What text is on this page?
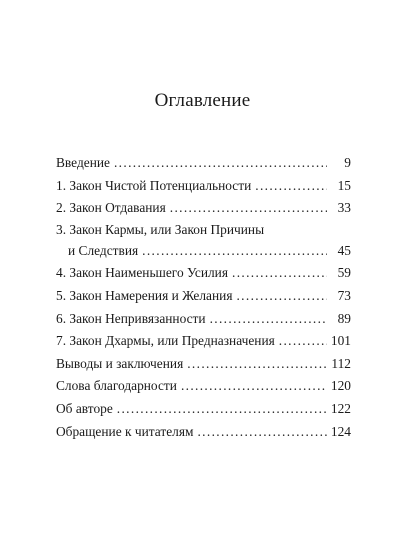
Оглавление
Введение . . .	9
1. Закон Чистой Потенциальности . . .	15
2. Закон Отдавания . . .	33
3. Закон Кармы, или Закон Причины
и Следствия . . .	45
4. Закон Наименьшего Усилия . . .	59
5. Закон Намерения и Желания . . .	73
6. Закон Непривязанности . . .	89
7. Закон Дхармы, или Предназначения . . .	101
Выводы и заключения . . .	112
Слова благодарности . . .	120
Об авторе . . .	122
Обращение к читателям . . .	124
